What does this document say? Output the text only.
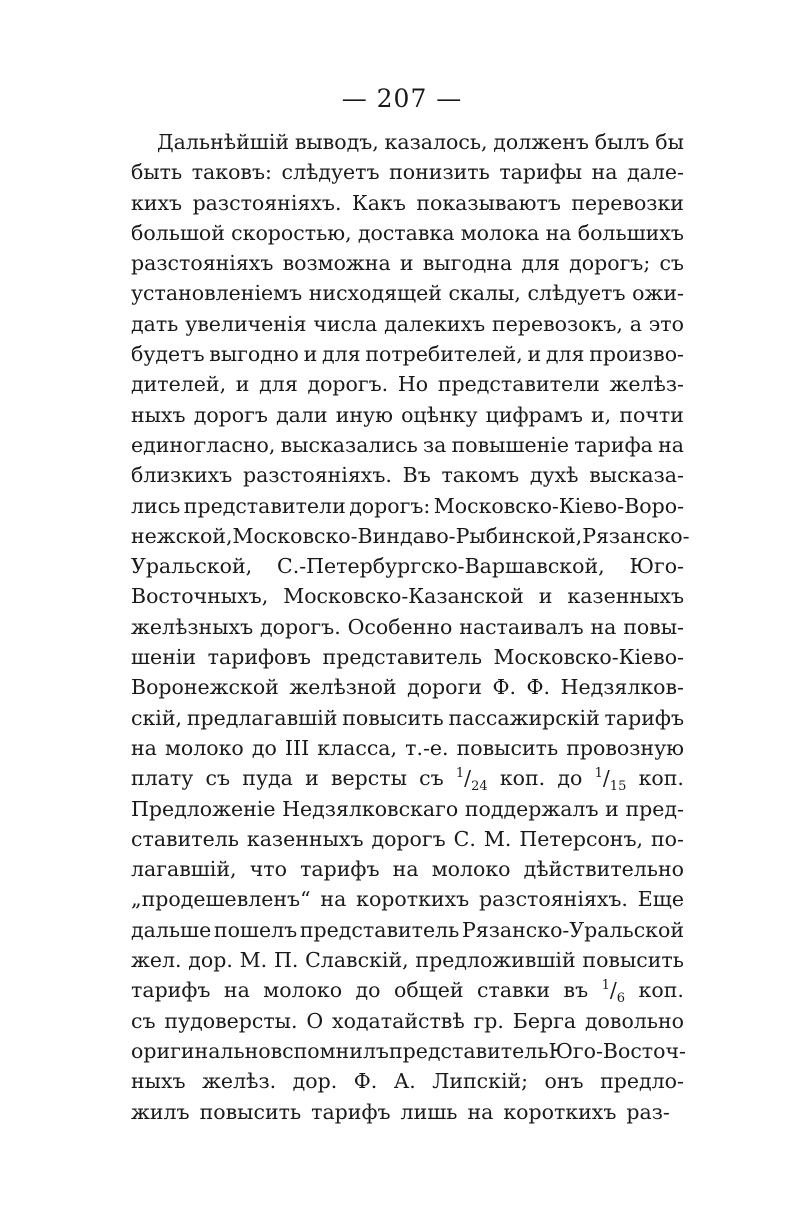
— 207 —
Дальнѣйшій выводъ, казалось, долженъ былъ бы
быть таковъ: слѣдуетъ понизить тарифы на дале-
кихъ разстояніяхъ. Какъ показываютъ перевозки
большой скоростью, доставка молока на большихъ
разстояніяхъ возможна и выгодна для дорогъ; съ
установленіемъ нисходящей скалы, слѣдуетъ ожи-
дать увеличенія числа далекихъ перевозокъ, а это
будетъ выгодно и для потребителей, и для произво-
дителей, и для дорогъ. Но представители желѣз-
ныхъ дорогъ дали иную оцѣнку цифрамъ и, почти
единогласно, высказались за повышеніе тарифа на
близкихъ разстояніяхъ. Въ такомъ духѣ высказа-
лись представители дорогъ: Московско-Кіево-Воро-
нежской, Московско-Виндаво-Рыбинской, Рязанско-
Уральской, С.-Петербургско-Варшавской, Юго-
Восточныхъ, Московско-Казанской и казенныхъ
желѣзныхъ дорогъ. Особенно настаивалъ на повы-
шеніи тарифовъ представитель Московско-Кіево-
Воронежской желѣзной дороги Ф. Ф. Недзялков-
скій, предлагавшій повысить пассажирскій тарифъ
на молоко до III класса, т.-е. повысить провозную
плату съ пуда и версты съ $^1/_{24}$ коп. до $^1/_{15}$ коп.
Предложеніе Недзялковскаго поддержалъ и пред-
ставитель казенныхъ дорогъ С. М. Петерсонъ, по-
лагавшій, что тарифъ на молоко дѣйствительно
„продешевленъ“ на короткихъ разстояніяхъ. Еще
дальше пошелъ представитель Рязанско-Уральской
жел. дор. М. П. Славскій, предложившій повысить
тарифъ на молоко до общей ставки въ $^1/_6$ коп.
съ пудоверсты. О ходатайствѣ гр. Берга довольно
оригинально вспомнилъ представитель Юго-Восточ-
ныхъ желѣз. дор. Ф. А. Липскій; онъ предло-
жилъ повысить тарифъ лишь на короткихъ раз-
